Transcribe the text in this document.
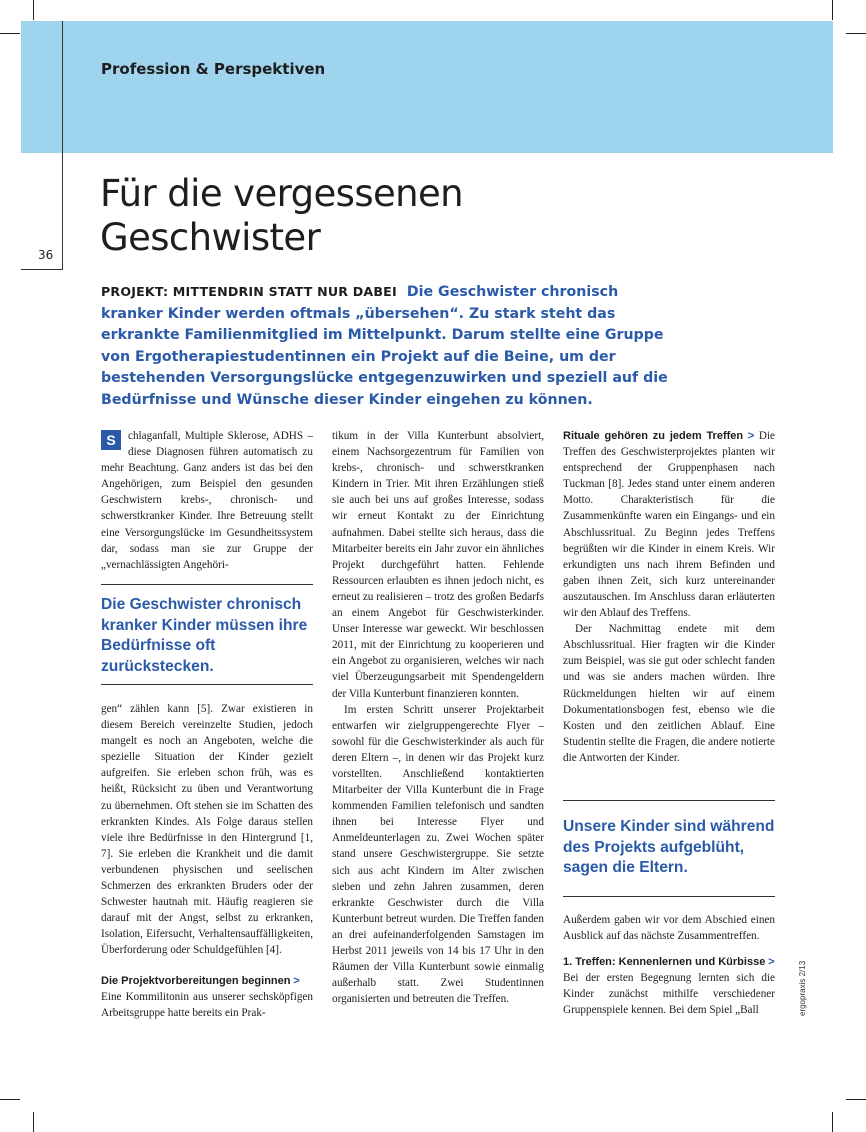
Profession & Perspektiven
36
Für die vergessenen
Geschwister
PROJEKT: MITTENDRIN STATT NUR DABEI Die Geschwister chronisch kranker Kinder werden oftmals „übersehen“. Zu stark steht das erkrankte Familienmitglied im Mittelpunkt. Darum stellte eine Gruppe von Ergotherapiestudentinnen ein Projekt auf die Beine, um der bestehenden Versorgungslücke entgegenzuwirken und speziell auf die Bedürfnisse und Wünsche dieser Kinder eingehen zu können.

S	chlaganfall, Multiple Sklerose, ADHS – diese Diagnosen führen automatisch zu mehr Beachtung. Ganz anders ist das bei den Angehörigen, zum Beispiel den gesunden Geschwistern krebs-, chronisch- und schwerstkranker Kinder. Ihre Betreuung stellt eine Versorgungslücke im Gesundheitssystem dar, sodass man sie zur Gruppe der „vernachlässigten Angehöri-

Die Geschwister chronisch kranker Kinder müssen ihre Bedürfnisse oft zurückstecken.

gen“ zählen kann [5]. Zwar existieren in diesem Bereich vereinzelte Studien, jedoch mangelt es noch an Angeboten, welche die spezielle Situation der Kinder gezielt aufgreifen. Sie erleben schon früh, was es heißt, Rücksicht zu üben und Verantwortung zu übernehmen. Oft stehen sie im Schatten des erkrankten Kindes. Als Folge daraus stellen viele ihre Bedürfnisse in den Hintergrund [1, 7]. Sie erleben die Krankheit und die damit verbundenen physischen und seelischen Schmerzen des erkrankten Bruders oder der Schwester hautnah mit. Häufig reagieren sie darauf mit der Angst, selbst zu erkranken, Isolation, Eifersucht, Verhaltensauffälligkeiten, Überforderung oder Schuldgefühlen [4].

Die Projektvorbereitungen beginnen >

Eine Kommilitonin aus unserer sechsköpfigen Arbeitsgruppe hatte bereits ein Prak-

tikum in der Villa Kunterbunt absolviert, einem Nachsorgezentrum für Familien von krebs-, chronisch- und schwerstkranken Kindern in Trier. Mit ihren Erzählungen stieß sie auch bei uns auf großes Interesse, sodass wir erneut Kontakt zu der Einrichtung aufnahmen. Dabei stellte sich heraus, dass die Mitarbeiter bereits ein Jahr zuvor ein ähnliches Projekt durchgeführt hatten. Fehlende Ressourcen erlaubten es ihnen jedoch nicht, es erneut zu realisieren – trotz des großen Bedarfs an einem Angebot für Geschwisterkinder. Unser Interesse war geweckt. Wir beschlossen 2011, mit der Einrichtung zu kooperieren und ein Angebot zu organisieren, welches wir nach viel Überzeugungsarbeit mit Spendengeldern der Villa Kunterbunt finanzieren konnten.

Im ersten Schritt unserer Projektarbeit entwarfen wir zielgruppengerechte Flyer – sowohl für die Geschwisterkinder als auch für deren Eltern –, in denen wir das Projekt kurz vorstellten. Anschließend kontaktierten Mitarbeiter der Villa Kunterbunt die in Frage kommenden Familien telefonisch und sandten ihnen bei Interesse Flyer und Anmeldeunterlagen zu. Zwei Wochen später stand unsere Geschwistergruppe. Sie setzte sich aus acht Kindern im Alter zwischen sieben und zehn Jahren zusammen, deren erkrankte Geschwister durch die Villa Kunterbunt betreut wurden. Die Treffen fanden an drei aufeinanderfolgenden Samstagen im Herbst 2011 jeweils von 14 bis 17 Uhr in den Räumen der Villa Kunterbunt sowie einmalig außerhalb statt. Zwei Studentinnen organisierten und betreuten die Treffen.

Rituale gehören zu jedem Treffen > Die Treffen des Geschwisterprojektes planten wir entsprechend der Gruppenphasen nach Tuckman [8]. Jedes stand unter einem anderen Motto. Charakteristisch für die Zusammenkünfte waren ein Eingangs- und ein Abschlussritual. Zu Beginn jedes Treffens begrüßten wir die Kinder in einem Kreis. Wir erkundigten uns nach ihrem Befinden und gaben ihnen Zeit, sich kurz untereinander auszutauschen. Im Anschluss daran erläuterten wir den Ablauf des Treffens.

Der Nachmittag endete mit dem Abschlussritual. Hier fragten wir die Kinder zum Beispiel, was sie gut oder schlecht fanden und was sie anders machen würden. Ihre Rückmeldungen hielten wir auf einem Dokumentationsbogen fest, ebenso wie die Kosten und den zeitlichen Ablauf. Eine Studentin stellte die Fragen, die andere notierte die Antworten der Kinder.

Unsere Kinder sind während des Projekts aufgeblüht, sagen die Eltern.

Außerdem gaben wir vor dem Abschied einen Ausblick auf das nächste Zusammentreffen.

1. Treffen: Kennenlernen und Kürbisse >

Bei der ersten Begegnung lernten sich die Kinder zunächst mithilfe verschiedener Gruppenspiele kennen. Bei dem Spiel „Ball	ergopraxis 2/13
